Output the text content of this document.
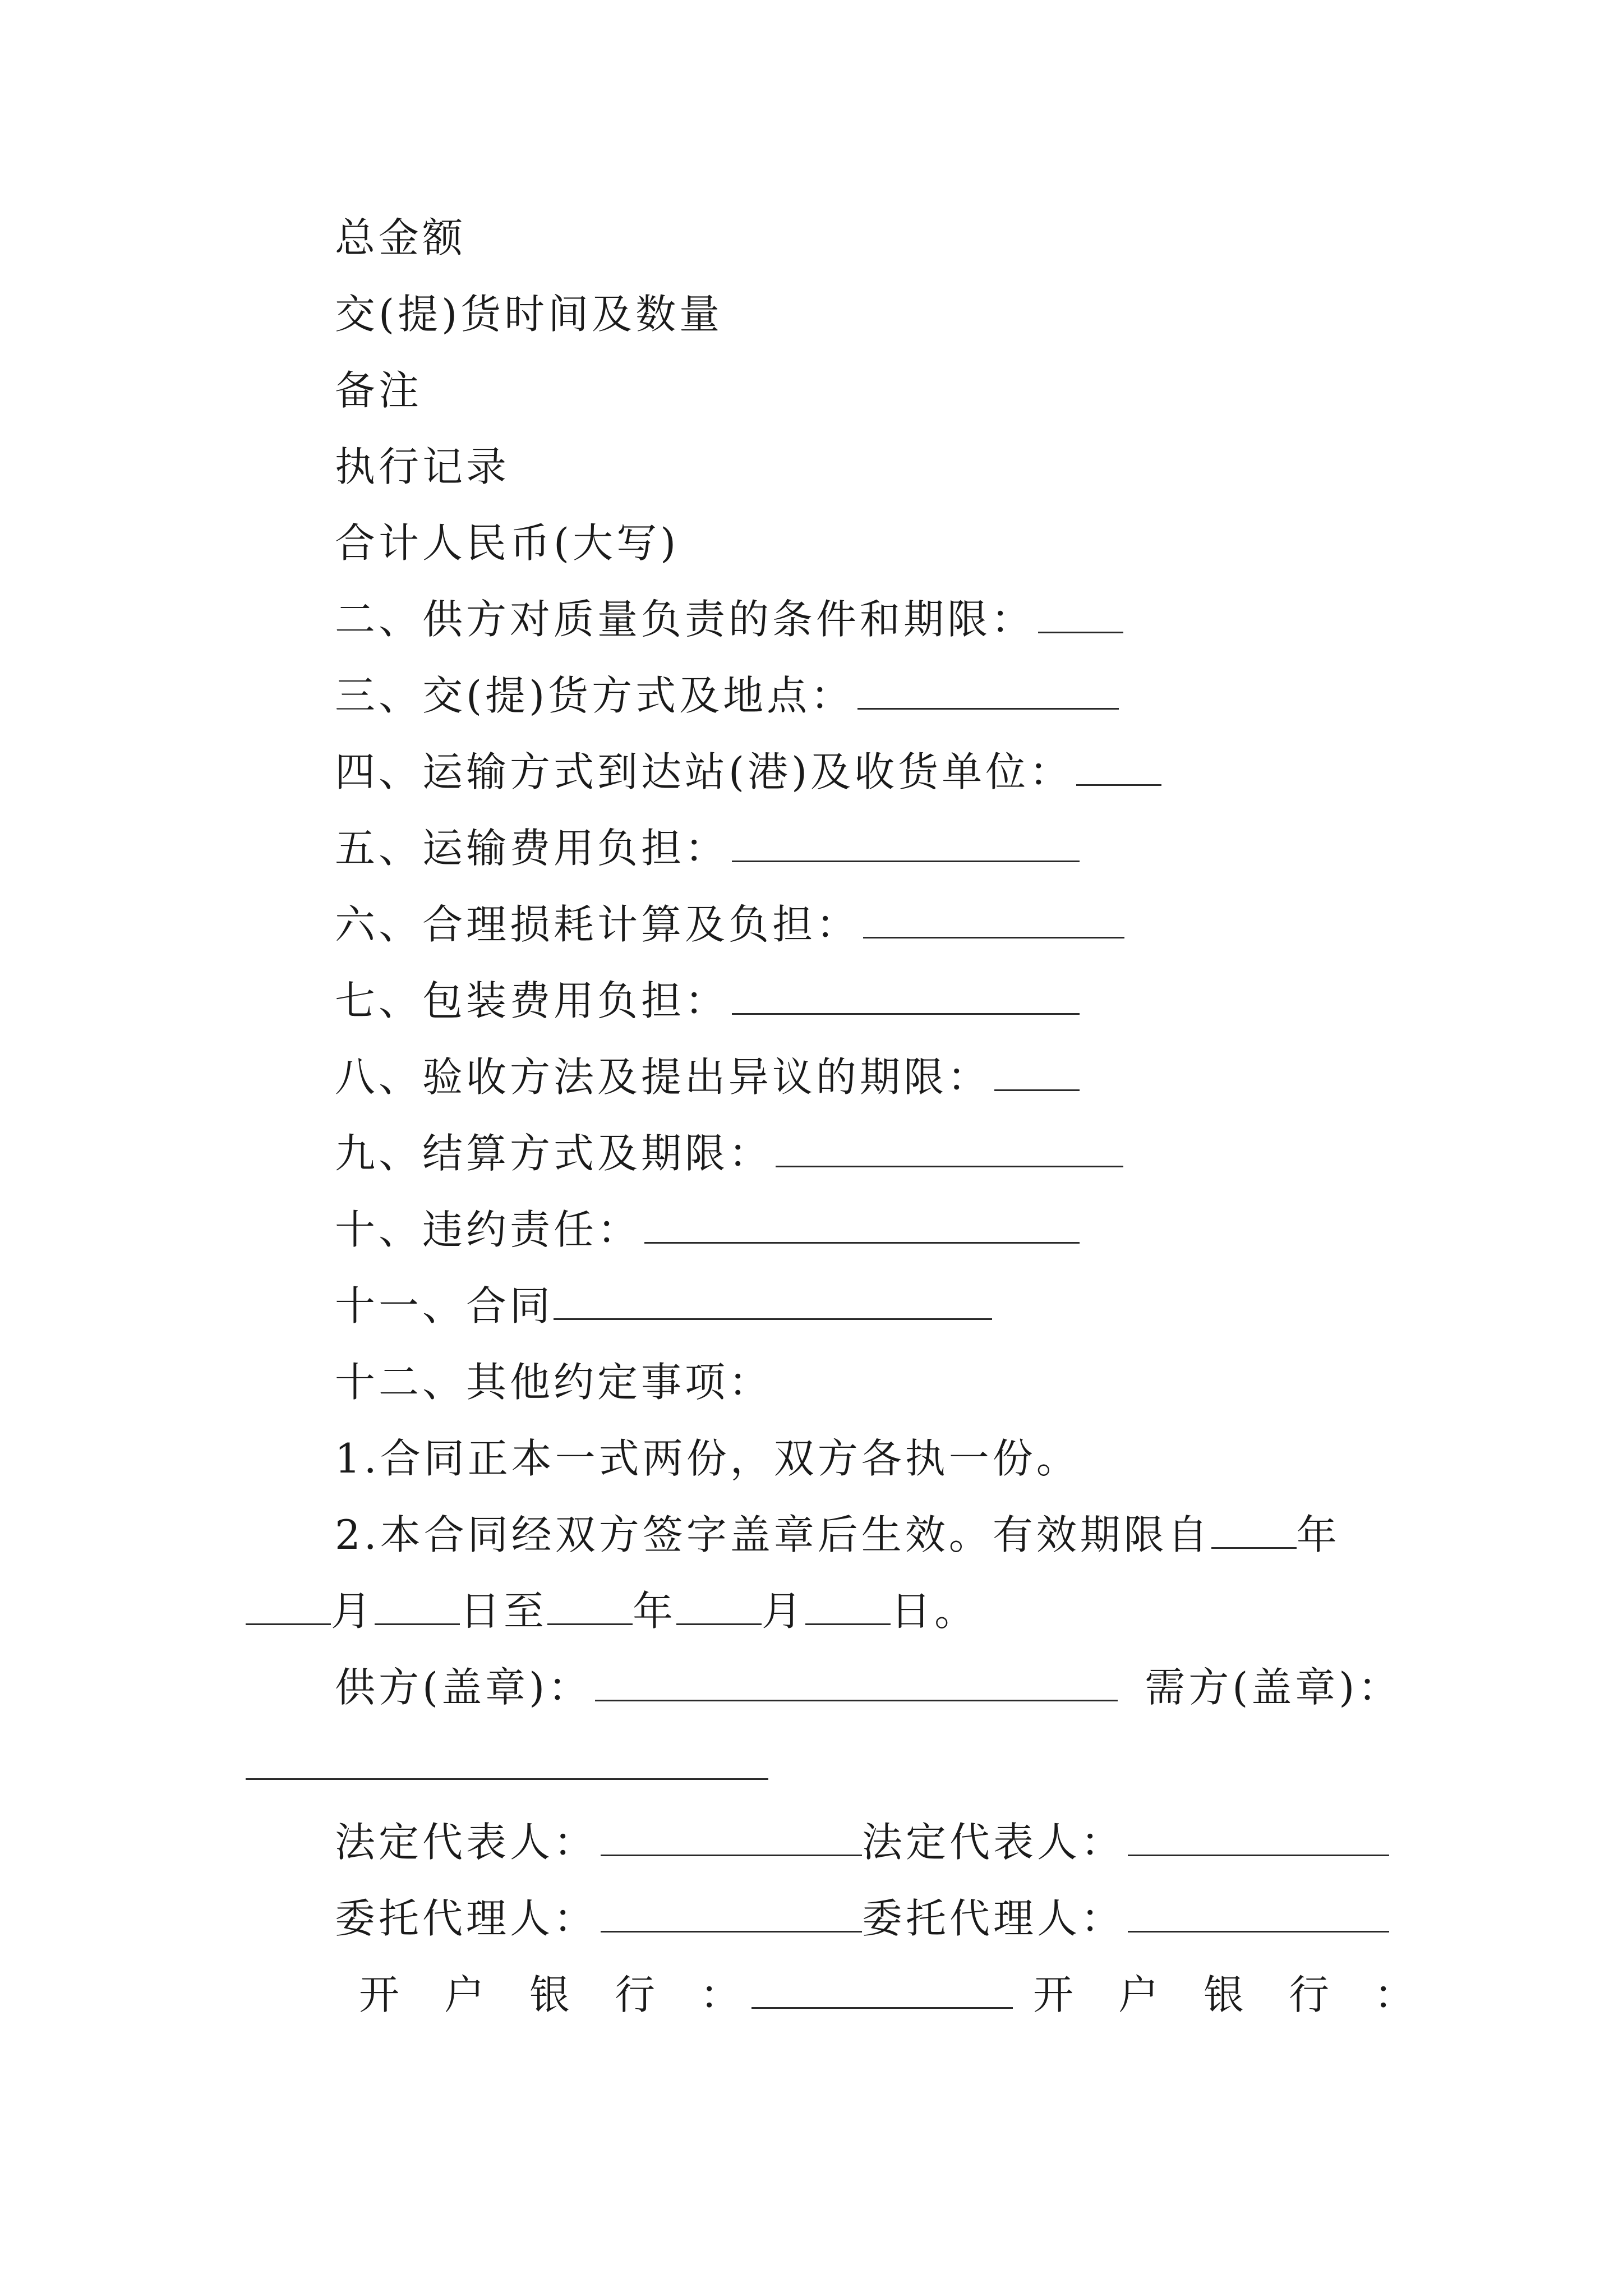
总金额
交(提)货时间及数量
备注
执行记录
合计人民币(大写)
二、供方对质量负责的条件和期限：
三、交(提)货方式及地点：
四、运输方式到达站(港)及收货单位：
五、运输费用负担：
六、合理损耗计算及负担：
七、包装费用负担：
八、验收方法及提出异议的期限：
九、结算方式及期限：
十、违约责任：
十一、合同
十二、其他约定事项：
1.合同正本一式两份，双方各执一份。
2.本合同经双方签字盖章后生效。有效期限自 年
月 日至 年 月 日。
供方(盖章)：	需方(盖章)：
法定代表人：	法定代表人：
委托代理人：	委托代理人：
开户银行：	开户银行：
